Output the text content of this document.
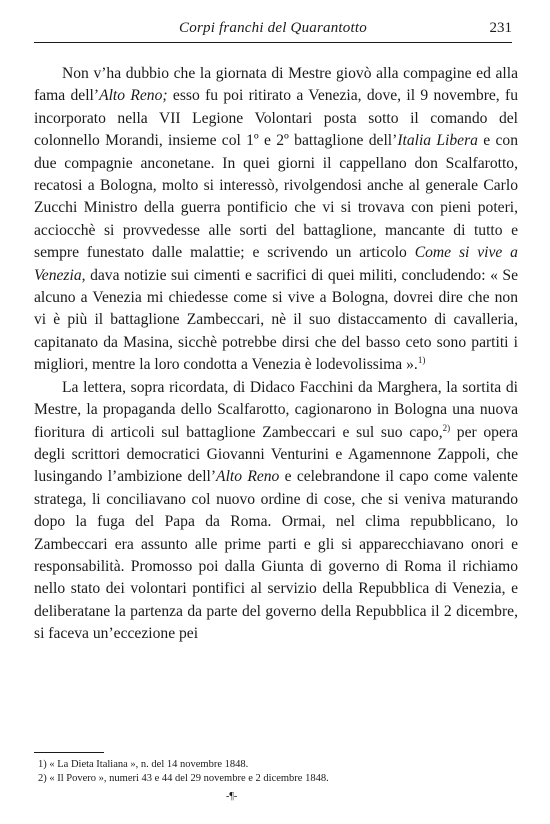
Corpi franchi del Quarantotto	231

Non v’ha dubbio che la giornata di Mestre giovò alla compagine ed alla fama dell’Alto Reno; esso fu poi ritirato a Venezia, dove, il 9 novembre, fu incorporato nella VII Legione Volontari posta sotto il comando del colonnello Morandi, insieme col 1º e 2º battaglione dell’Italia Libera e con due compagnie anconetane. In quei giorni il cappellano don Scalfarotto, recatosi a Bologna, molto si interessò, rivolgendosi anche al generale Carlo Zucchi Ministro della guerra pontificio che vi si trovava con pieni poteri, acciocchè si provvedesse alle sorti del battaglione, mancante di tutto e sempre funestato dalle malattie; e scrivendo un articolo Come si vive a Venezia, dava notizie sui cimenti e sacrifici di quei militi, concludendo: « Se alcuno a Venezia mi chiedesse come si vive a Bologna, dovrei dire che non vi è più il battaglione Zambeccari, nè il suo distaccamento di cavalleria, capitanato da Masina, sicchè potrebbe dirsi che del basso ceto sono partiti i migliori, mentre la loro condotta a Venezia è lodevolissima ».$^{1)}$

La lettera, sopra ricordata, di Didaco Facchini da Marghera, la sortita di Mestre, la propaganda dello Scalfarotto, cagionarono in Bologna una nuova fioritura di articoli sul battaglione Zambeccari e sul suo capo,$^{2)}$ per opera degli scrittori democratici Giovanni Venturini e Agamennone Zappoli, che lusingando l’ambizione dell’Alto Reno e celebrandone il capo come valente stratega, li conciliavano col nuovo ordine di cose, che si veniva maturando dopo la fuga del Papa da Roma. Ormai, nel clima repubblicano, lo Zambeccari era assunto alle prime parti e gli si apparecchiavano onori e responsabilità. Promosso poi dalla Giunta di governo di Roma il richiamo nello stato dei volontari pontifici al servizio della Repubblica di Venezia, e deliberatane la partenza da parte del governo della Repubblica il 2 dicembre, si faceva un’eccezione pei

1) « La Dieta Italiana », n. del 14 novembre 1848.
2) « Il Povero », numeri 43 e 44 del 29 novembre e 2 dicembre 1848.
-¶-
